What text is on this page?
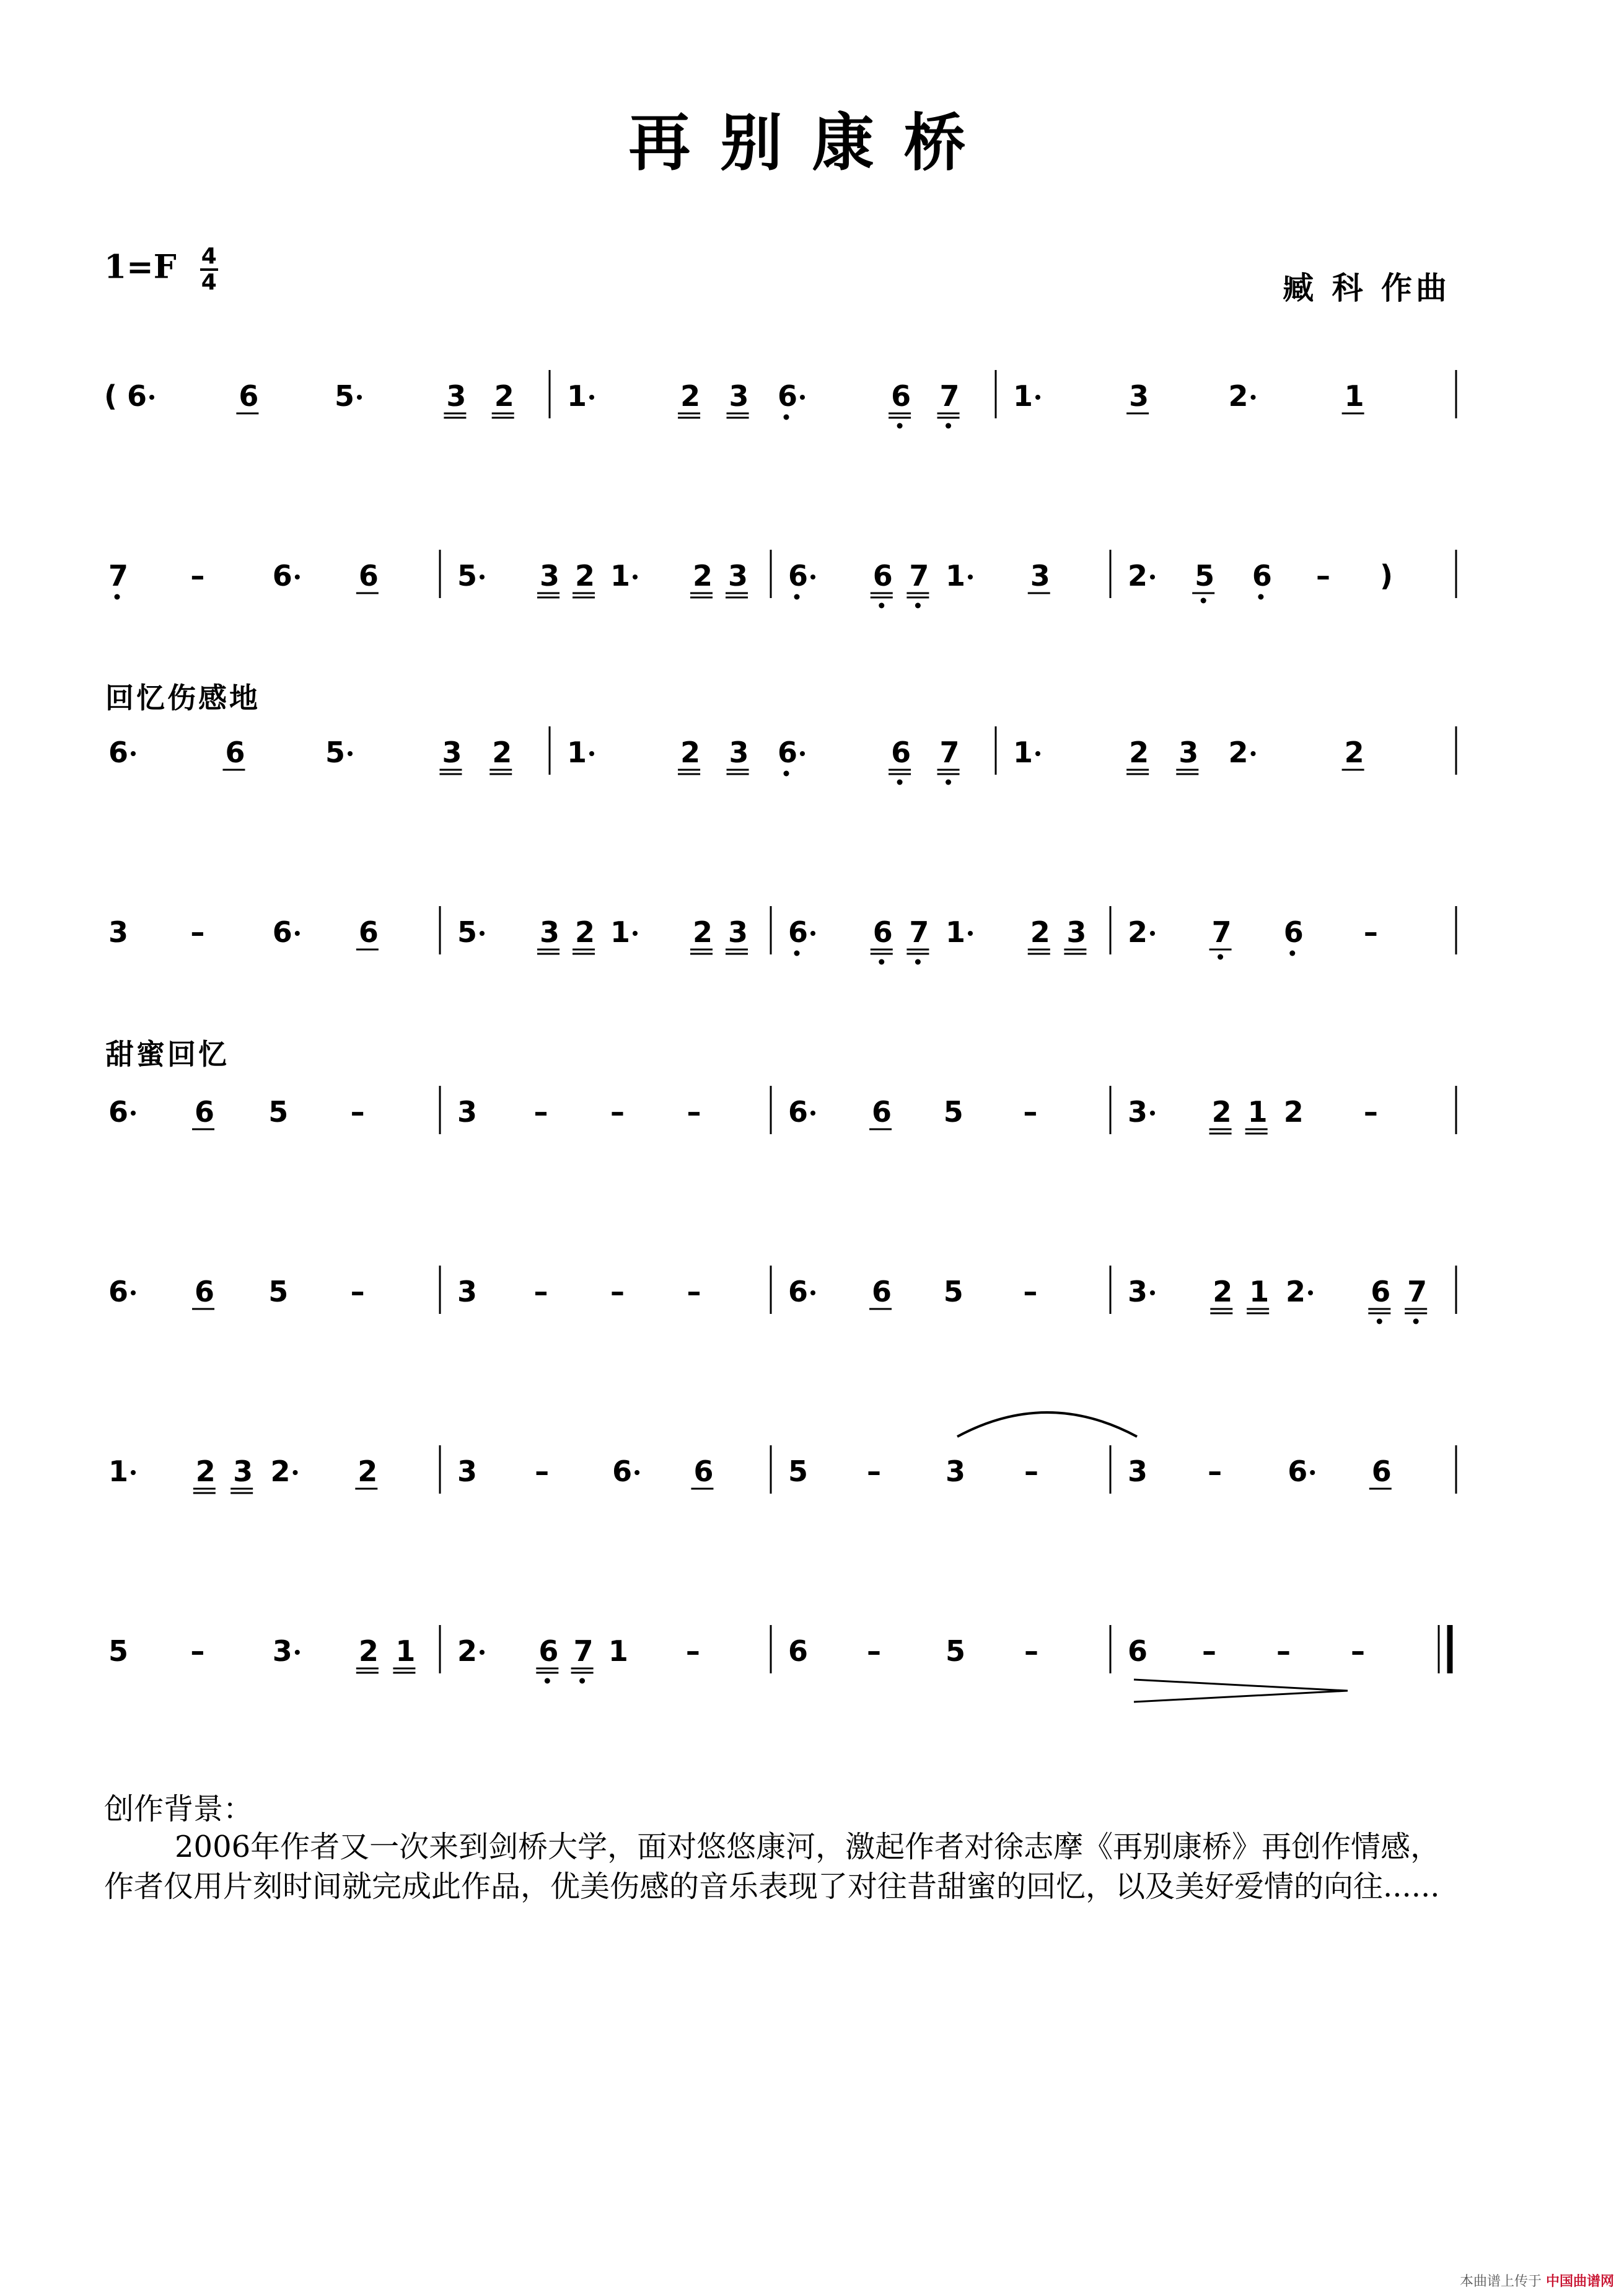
再别康桥
$1=F \frac{4}{4}$	臧 科 作曲
回忆伤感地
甜蜜回忆
( 6	6	5	3 2 1	2 3 6	6 7 1	3	2	1
7 – 6 6	5 3 2 1 2 3 6 6 7 1 3	2 5 6 – )
6	6	5	3 2 1	2 3 6	6 7 1	2 3 2	2
3 – 6 6	5 3 2 1 2 3 6 6 7 1 2 3 2 7 6 –
6 6 5 –	3 – – –	6 6 5 –	3 2 1 2 –
6 6 5 –	3 – – –	6 6 5 –	3 2 1 2 6 7
1 2 3 2 2	3 – 6 6	5 – 3 –	3 – 6 6
5 – 3 2 1 2 6 7 1 –	6 – 5 –	6 – – –
创作背景：
2006年作者又一次来到剑桥大学，面对悠悠康河，激起作者对徐志摩《再别康桥》再创作情感，作者仅用片刻时间就完成此作品，优美伤感的音乐表现了对往昔甜蜜的回忆，以及美好爱情的向往......
本曲谱上传于 中国曲谱网
